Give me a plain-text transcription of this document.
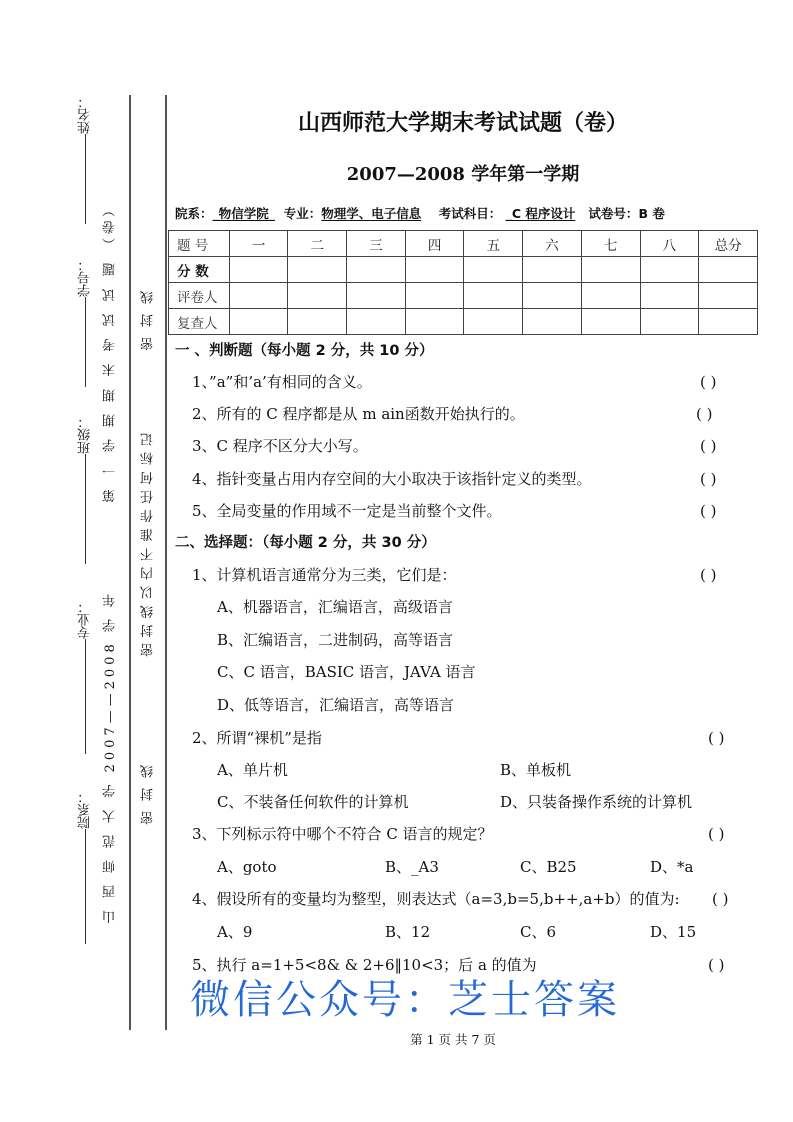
姓名：
学号：
班级：
专业：
院系：
第 一 学 期 期 末 考 试 试 题 （卷）
山 西 师 范 大 学 2007——2008 学 年
密 封 线
密 封 线 以 内 不 准 作 任 何 标 记
密 封 线
山西师范大学期末考试试题（卷）
2007—2008 学年第一学期
院系：_物信学院_ 专业：物理学、电子信息 考试科目： _C 程序设计 试卷号：B 卷
题 号	一	二	三	四	五	六	七	八	总分
分 数									
评卷人									
复查人									
一 、判断题（每小题 2 分，共 10 分）
1、”a”和’a’有相同的含义。	( )
2、所有的 C 程序都是从 m ain函数开始执行的。	( )
3、C 程序不区分大小写。	( )
4、指针变量占用内存空间的大小取决于该指针定义的类型。	( )
5、全局变量的作用域不一定是当前整个文件。	( )
二、选择题：（每小题 2 分，共 30 分）
1、计算机语言通常分为三类，它们是：	( )
A、机器语言，汇编语言，高级语言
B、汇编语言，二进制码，高等语言
C、C 语言，BASIC 语言，JAVA 语言
D、低等语言，汇编语言，高等语言
2、所谓“裸机”是指	( )
A、单片机	B、单板机
C、不装备任何软件的计算机	D、只装备操作系统的计算机
3、下列标示符中哪个不符合 C 语言的规定？	( )
A、goto	B、_A3	C、B25	D、*a
4、假设所有的变量均为整型，则表达式（a=3,b=5,b++,a+b）的值为: ( )
A、9	B、12	C、6	D、15
5、执行 a=1+5<8& & 2+6‖10<3；后 a 的值为	( )
微信公众号：芝士答案
第 1 页 共 7 页
